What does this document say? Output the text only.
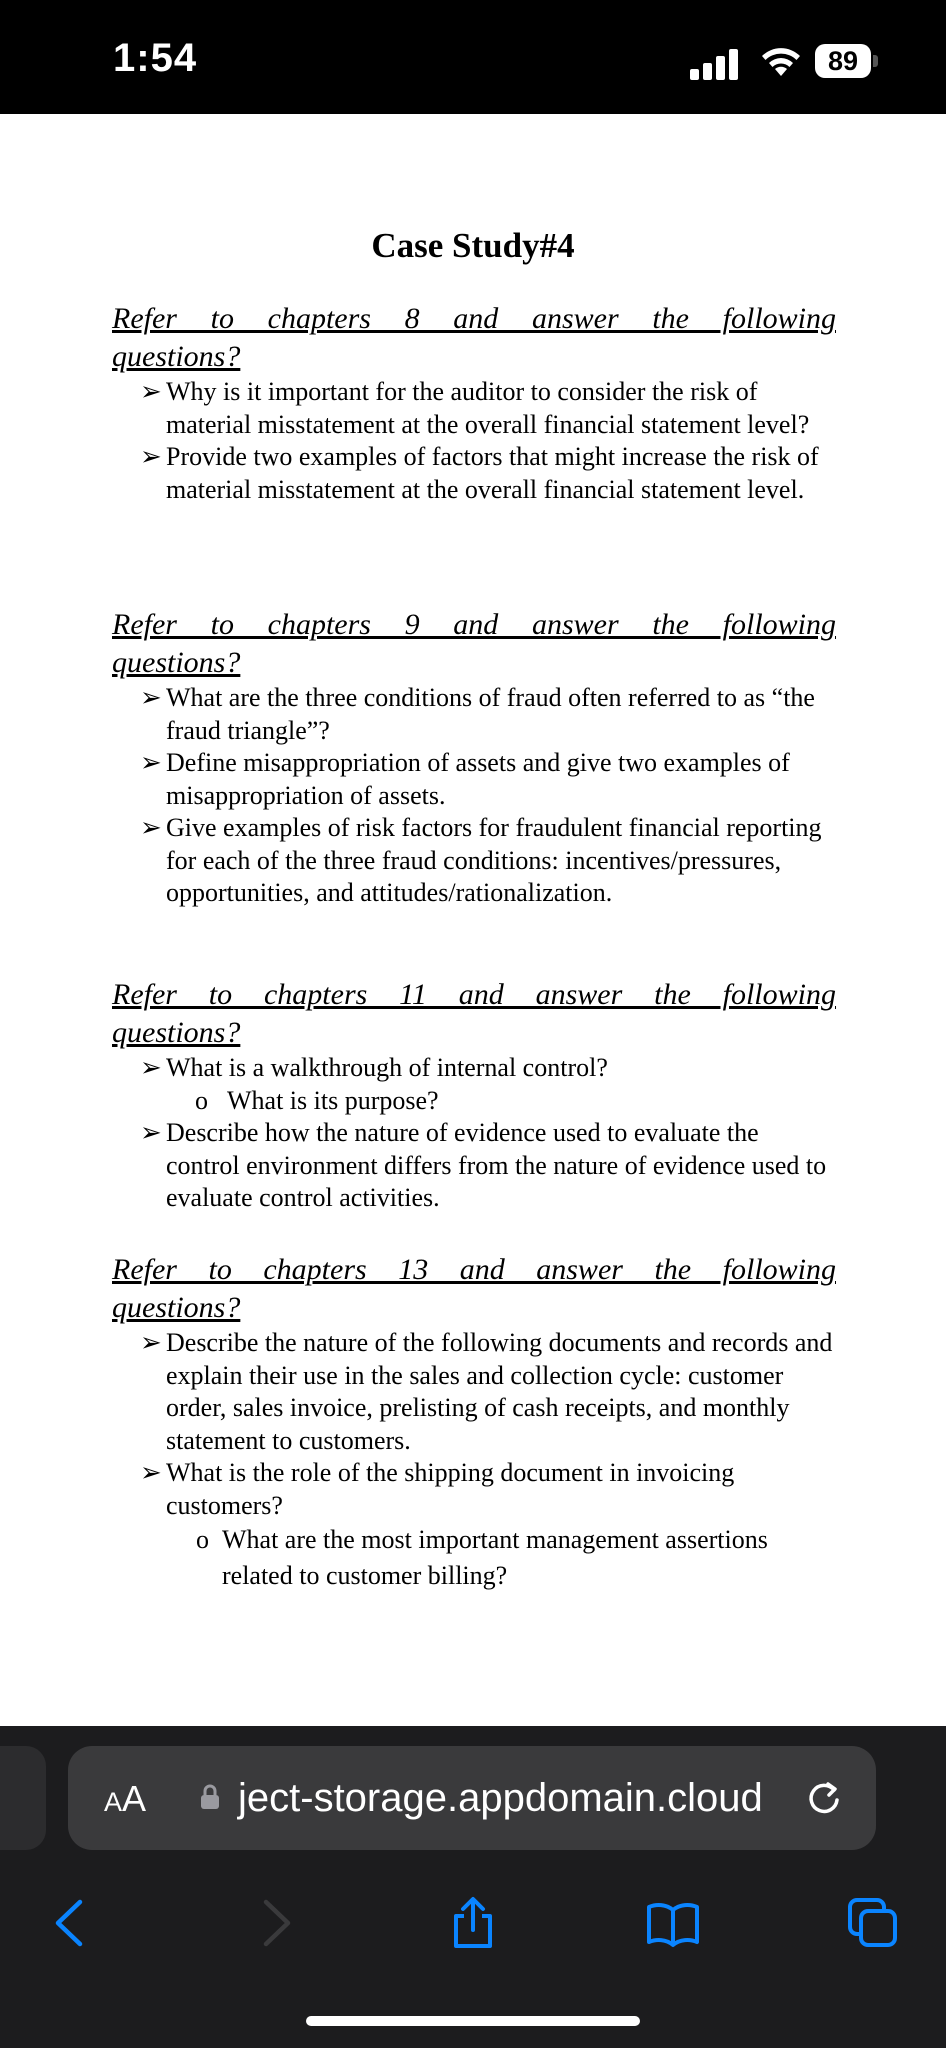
1:54	89
Case Study#4
Refer to chapters 8 and answer the following
questions?
➢ Why is it important for the auditor to consider the risk of material misstatement at the overall financial statement level?
➢ Provide two examples of factors that might increase the risk of material misstatement at the overall financial statement level.
Refer to chapters 9 and answer the following
questions?
➢ What are the three conditions of fraud often referred to as “the fraud triangle”?
➢ Define misappropriation of assets and give two examples of misappropriation of assets.
➢ Give examples of risk factors for fraudulent financial reporting for each of the three fraud conditions: incentives/pressures, opportunities, and attitudes/rationalization.
Refer to chapters 11 and answer the following
questions?
➢ What is a walkthrough of internal control?
o What is its purpose?
➢ Describe how the nature of evidence used to evaluate the control environment differs from the nature of evidence used to evaluate control activities.
Refer to chapters 13 and answer the following
questions?
➢ Describe the nature of the following documents and records and explain their use in the sales and collection cycle: customer order, sales invoice, prelisting of cash receipts, and monthly statement to customers.
➢ What is the role of the shipping document in invoicing customers?
o What are the most important management assertions related to customer billing?
AA ject-storage.appdomain.cloud
